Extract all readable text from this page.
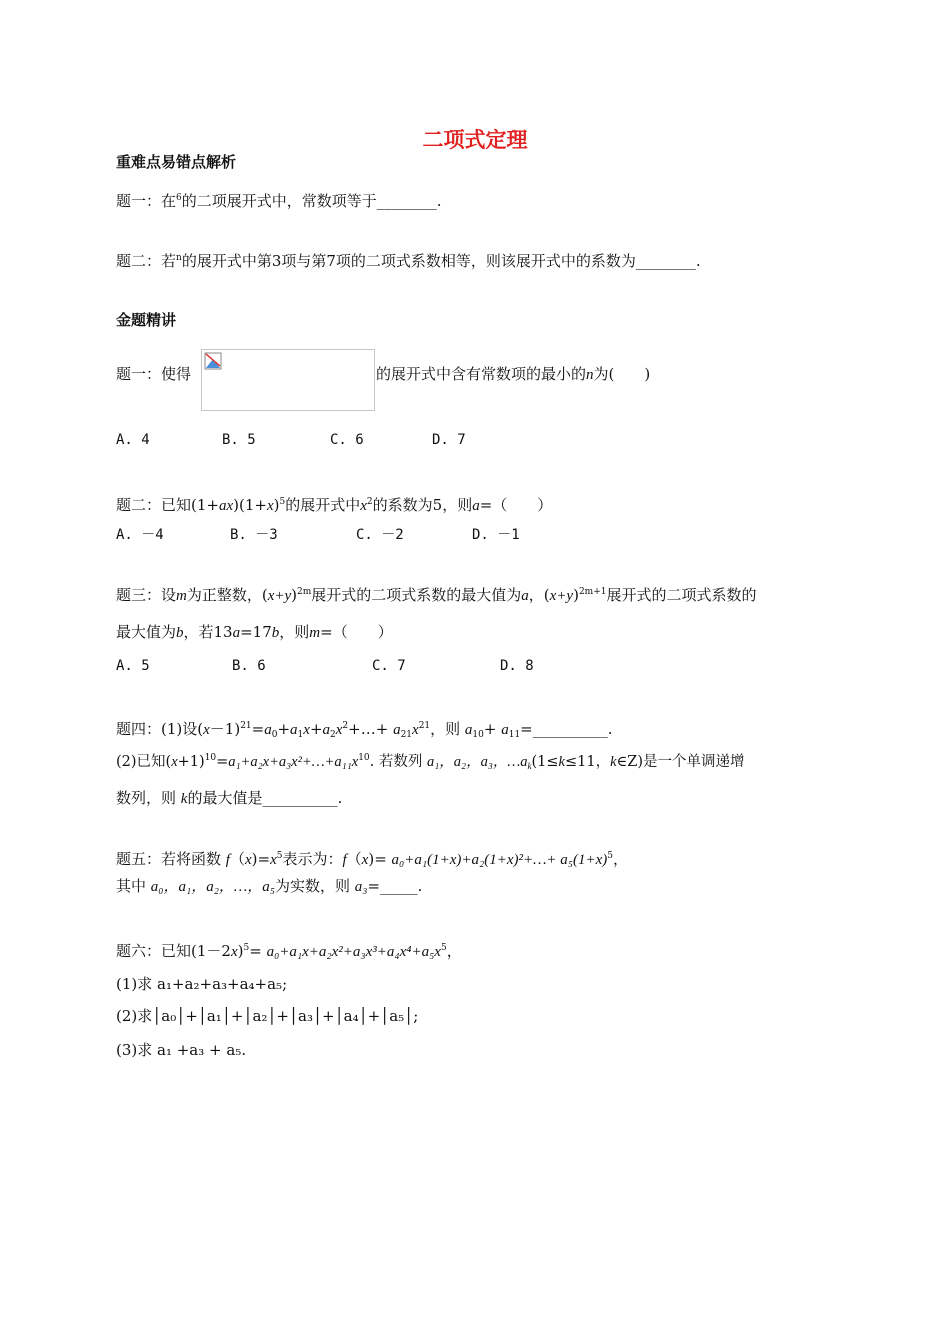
二项式定理
重难点易错点解析
题一：在$^6$的二项展开式中，常数项等于________.
题二：若$^n$的展开式中第3项与第7项的二项式系数相等，则该展开式中的系数为________.
金题精讲
题一：使得	的展开式中含有常数项的最小的n为(　　)
A. 4	B. 5	C. 6	D. 7
题二：已知$(1+ax)(1+x)^5$的展开式中$x^2$的系数为5，则a=（　　）
A. －4	B. －3	C. －2	D. －1
题三：设m为正整数，$(x+y)^{2m}$展开式的二项式系数的最大值为a，$(x+y)^{2m+1}$展开式的二项式系数的
最大值为b，若13a=17b，则m=（　　）
A. 5	B. 6	C. 7	D. 8
题四：(1)设$(x-1)^{21}=a_0+a_1x+a_2x^2+\dots+ a_{21}x^{21}$，则 $a_{10}+$ $a_{11}=\_\_\_\_\_\_\_\_\_\_$.
(2)已知$(x+1)^{10}=a_1+a_2x+a_3x^2+\dots+a_{11}x^{10}$. 若数列 a₁，a₂，a₃，$\dots a_k(1\le k\le 11$，k∈Z)是一个单调递增
数列，则 k的最大值是__________.
题五：若将函数 $f(x)=x^5$表示为：f（x)= a₀+a₁(1+x)+a₂(1+x)²+…+ $a_5(1+x)^5$，
其中 a₀，a₁，a₂，…，a₅为实数，则 a₃=_____.
题六：已知$(1-2x)^5= a_0+a_1x+a_2x^2+a_3x^3+a_4x^4+a_5x^5$，
(1)求 a₁+a₂+a₃+a₄+a₅;
(2)求│a₀│+│a₁│+│a₂│+│a₃│+│a₄│+│a₅│;
(3)求 a₁ +a₃ + a₅.
